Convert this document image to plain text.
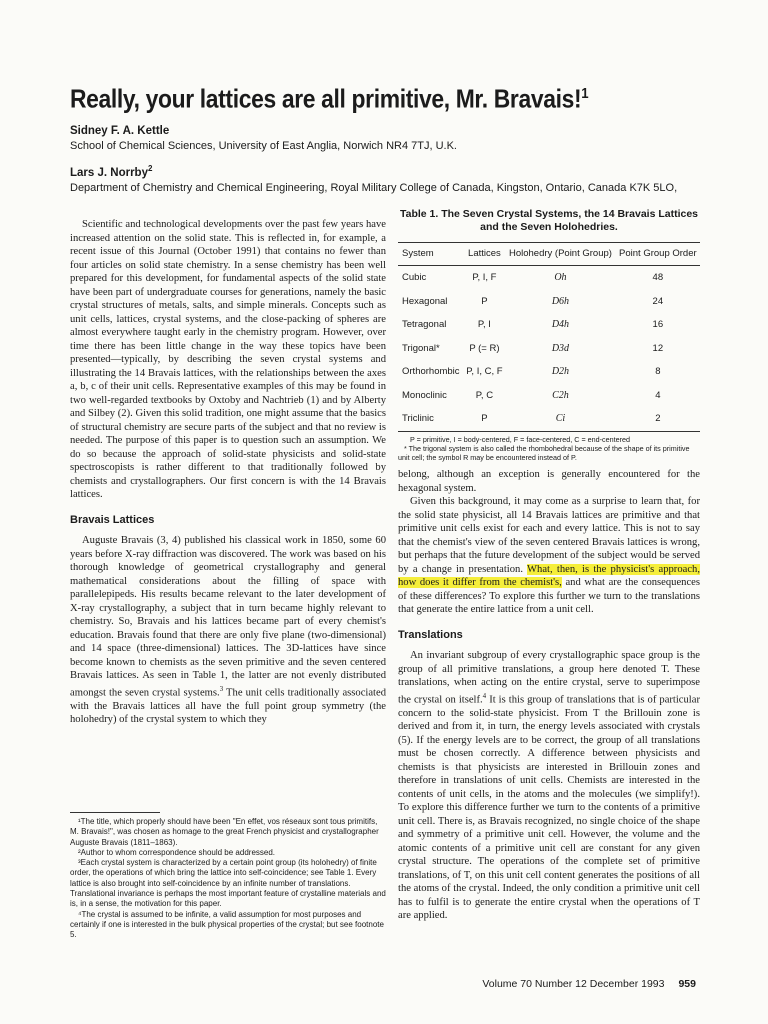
Really, your lattices are all primitive, Mr. Bravais!$^1$
Sidney F. A. Kettle
School of Chemical Sciences, University of East Anglia, Norwich NR4 7TJ, U.K.
Lars J. Norrby$^2$
Department of Chemistry and Chemical Engineering, Royal Military College of Canada, Kingston, Ontario, Canada K7K 5LO,

Scientific and technological developments over the past few years have increased attention on the solid state. This is reflected in, for example, a recent issue of this Journal (October 1991) that contains no fewer than four articles on solid state chemistry. In a sense chemistry has been well prepared for this development, for fundamental aspects of the solid state have been part of undergraduate courses for generations, namely the basic crystal structures of metals, salts, and simple minerals. Concepts such as unit cells, lattices, crystal systems, and the close-packing of spheres are almost everywhere taught early in the chemistry program. However, over time there has been little change in the way these topics have been presented—typically, by describing the seven crystal systems and illustrating the 14 Bravais lattices, with the relationships between the axes a, b, c of their unit cells. Representative examples of this may be found in two well-regarded textbooks by Oxtoby and Nachtrieb (1) and by Alberty and Silbey (2). Given this solid tradition, one might assume that the basics of structural chemistry are secure parts of the subject and that no review is needed. The purpose of this paper is to question such an assumption. We do so because the approach of solid-state physicists and solid-state spectroscopists is rather different to that traditionally followed by chemists and crystallographers. Our first concern is with the 14 Bravais lattices.

Bravais Lattices

Auguste Bravais (3, 4) published his classical work in 1850, some 60 years before X-ray diffraction was discovered. The work was based on his thorough knowledge of geometrical crystallography and general mathematical considerations about the filling of space with parallelepipeds. His results became relevant to the later development of X-ray crystallography, a subject that in turn became highly relevant to chemistry. So, Bravais and his lattices became part of every chemist's education. Bravais found that there are only five plane (two-dimensional) and 14 space (three-dimensional) lattices. The 3D-lattices have since become known to chemists as the seven primitive and the seven centered Bravais lattices. As seen in Table 1, the latter are not evenly distributed amongst the seven crystal systems.$^3$ The unit cells traditionally associated with the Bravais lattices all have the full point group symmetry (the holohedry) of the crystal system to which they

¹The title, which properly should have been "En effet, vos réseaux sont tous primitifs, M. Bravais!", was chosen as homage to the great French physicist and crystallographer Auguste Bravais (1811–1863).

²Author to whom correspondence should be addressed.

³Each crystal system is characterized by a certain point group (its holohedry) of finite order, the operations of which bring the lattice into self-coincidence; see Table 1. Every lattice is also brought into self-coincidence by an infinite number of translations. Translational invariance is perhaps the most important feature of crystalline materials and is, in a sense, the motivation for this paper.

⁴The crystal is assumed to be infinite, a valid assumption for most purposes and certainly if one is interested in the bulk physical properties of the crystal; but see footnote 5.

Table 1. The Seven Crystal Systems, the 14 Bravais Lattices and the Seven Holohedries.
System	Lattices	Holohedry (Point Group)	Point Group Order
Cubic	P, I, F	Oh	48
Hexagonal	P	D6h	24
Tetragonal	P, I	D4h	16
Trigonal*	P (= R)	D3d	12
Orthorhombic	P, I, C, F	D2h	8
Monoclinic	P, C	C2h	4
Triclinic	P	Ci	2

P = primitive, I = body-centered, F = face-centered, C = end-centered

* The trigonal system is also called the rhombohedral because of the shape of its primitive unit cell; the symbol R may be encountered instead of P.

belong, although an exception is generally encountered for the hexagonal system.

Given this background, it may come as a surprise to learn that, for the solid state physicist, all 14 Bravais lattices are primitive and that primitive unit cells exist for each and every lattice. This is not to say that the chemist's view of the seven centered Bravais lattices is wrong, but perhaps that the future development of the subject would be served by a change in presentation. What, then, is the physicist's approach, how does it differ from the chemist's, and what are the consequences of these differences? To explore this further we turn to the translations that generate the entire lattice from a unit cell.

Translations

An invariant subgroup of every crystallographic space group is the group of all primitive translations, a group here denoted T. These translations, when acting on the entire crystal, serve to superimpose the crystal on itself.$^4$ It is this group of translations that is of particular concern to the solid-state physicist. From T the Brillouin zone is derived and from it, in turn, the energy levels associated with crystals (5). If the energy levels are to be correct, the group of all translations must be chosen correctly. A difference between physicists and chemists is that physicists are interested in Brillouin zones and therefore in translations of unit cells. Chemists are interested in the contents of unit cells, in the atoms and the molecules (we simplify!). To explore this difference further we turn to the contents of a primitive unit cell. There is, as Bravais recognized, no single choice of the shape and symmetry of a primitive unit cell. However, the volume and the atomic contents of a primitive unit cell are constant for any given crystal structure. The operations of the complete set of primitive translations, of T, on this unit cell content generates the positions of all the atoms of the crystal. Indeed, the only condition a primitive unit cell has to fulfil is to generate the entire crystal when the operations of T are applied.

Volume 70 Number 12 December 1993 959
